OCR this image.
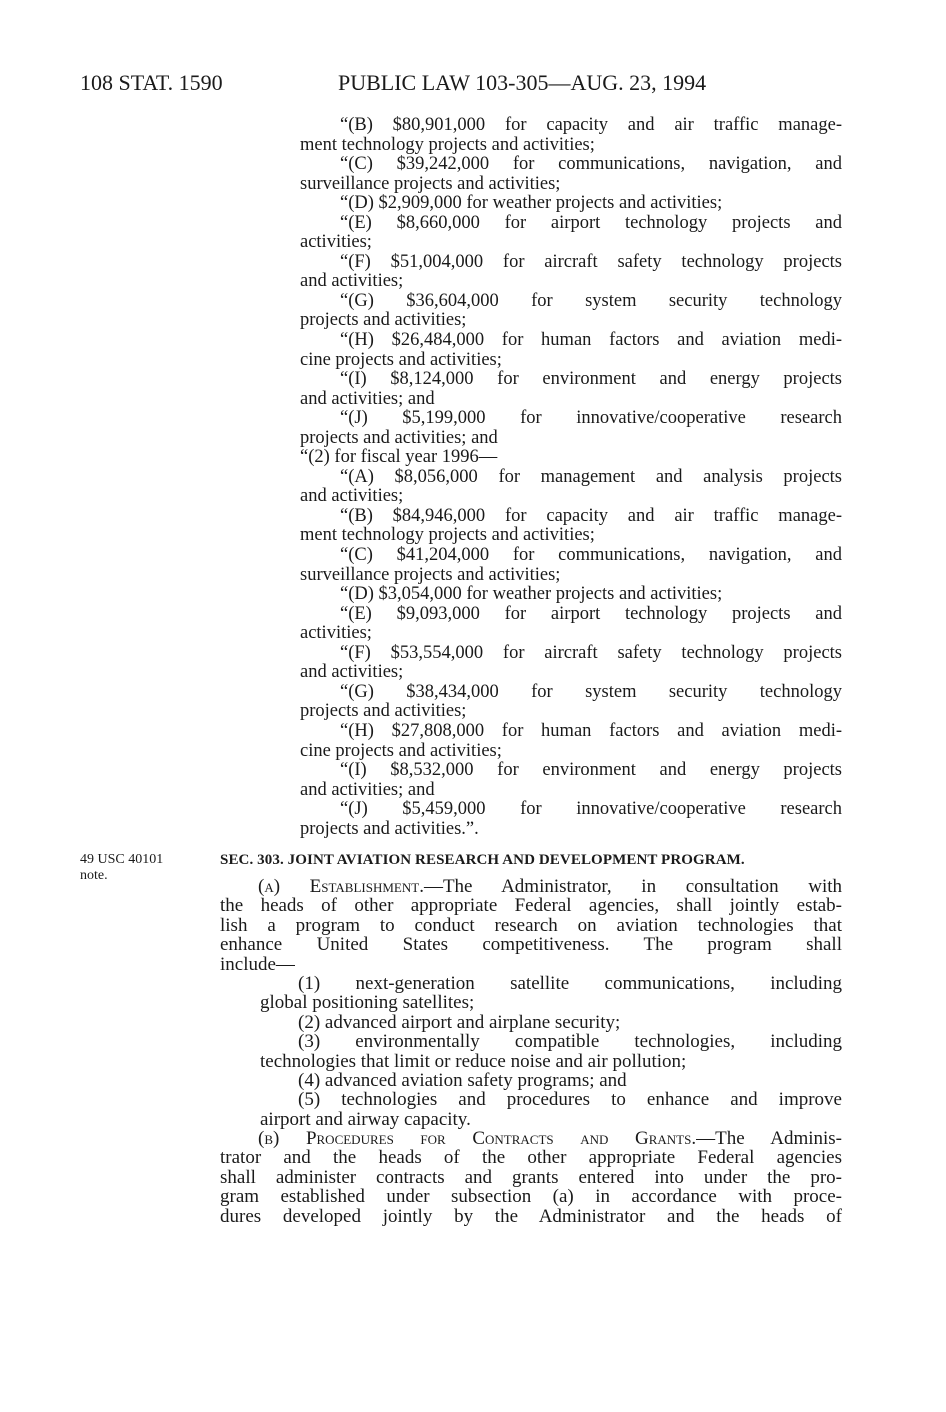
108 STAT. 1590	PUBLIC LAW 103-305—AUG. 23, 1994
“(B) $80,901,000 for capacity and air traffic manage-
ment technology projects and activities;
“(C) $39,242,000 for communications, navigation, and
surveillance projects and activities;
“(D) $2,909,000 for weather projects and activities;
“(E) $8,660,000 for airport technology projects and
activities;
“(F) $51,004,000 for aircraft safety technology projects
and activities;
“(G) $36,604,000 for system security technology
projects and activities;
“(H) $26,484,000 for human factors and aviation medi-
cine projects and activities;
“(I) $8,124,000 for environment and energy projects
and activities; and
“(J) $5,199,000 for innovative/cooperative research
projects and activities; and
“(2) for fiscal year 1996—
“(A) $8,056,000 for management and analysis projects
and activities;
“(B) $84,946,000 for capacity and air traffic manage-
ment technology projects and activities;
“(C) $41,204,000 for communications, navigation, and
surveillance projects and activities;
“(D) $3,054,000 for weather projects and activities;
“(E) $9,093,000 for airport technology projects and
activities;
“(F) $53,554,000 for aircraft safety technology projects
and activities;
“(G) $38,434,000 for system security technology
projects and activities;
“(H) $27,808,000 for human factors and aviation medi-
cine projects and activities;
“(I) $8,532,000 for environment and energy projects
and activities; and
“(J) $5,459,000 for innovative/cooperative research
projects and activities.”.
49 USC 40101
note.
SEC. 303. JOINT AVIATION RESEARCH AND DEVELOPMENT PROGRAM.
(a) Establishment.—The Administrator, in consultation with
the heads of other appropriate Federal agencies, shall jointly estab-
lish a program to conduct research on aviation technologies that
enhance United States competitiveness. The program shall
include—
(1) next-generation satellite communications, including
global positioning satellites;
(2) advanced airport and airplane security;
(3) environmentally compatible technologies, including
technologies that limit or reduce noise and air pollution;
(4) advanced aviation safety programs; and
(5) technologies and procedures to enhance and improve
airport and airway capacity.
(b) Procedures for Contracts and Grants.—The Adminis-
trator and the heads of the other appropriate Federal agencies
shall administer contracts and grants entered into under the pro-
gram established under subsection (a) in accordance with proce-
dures developed jointly by the Administrator and the heads of
